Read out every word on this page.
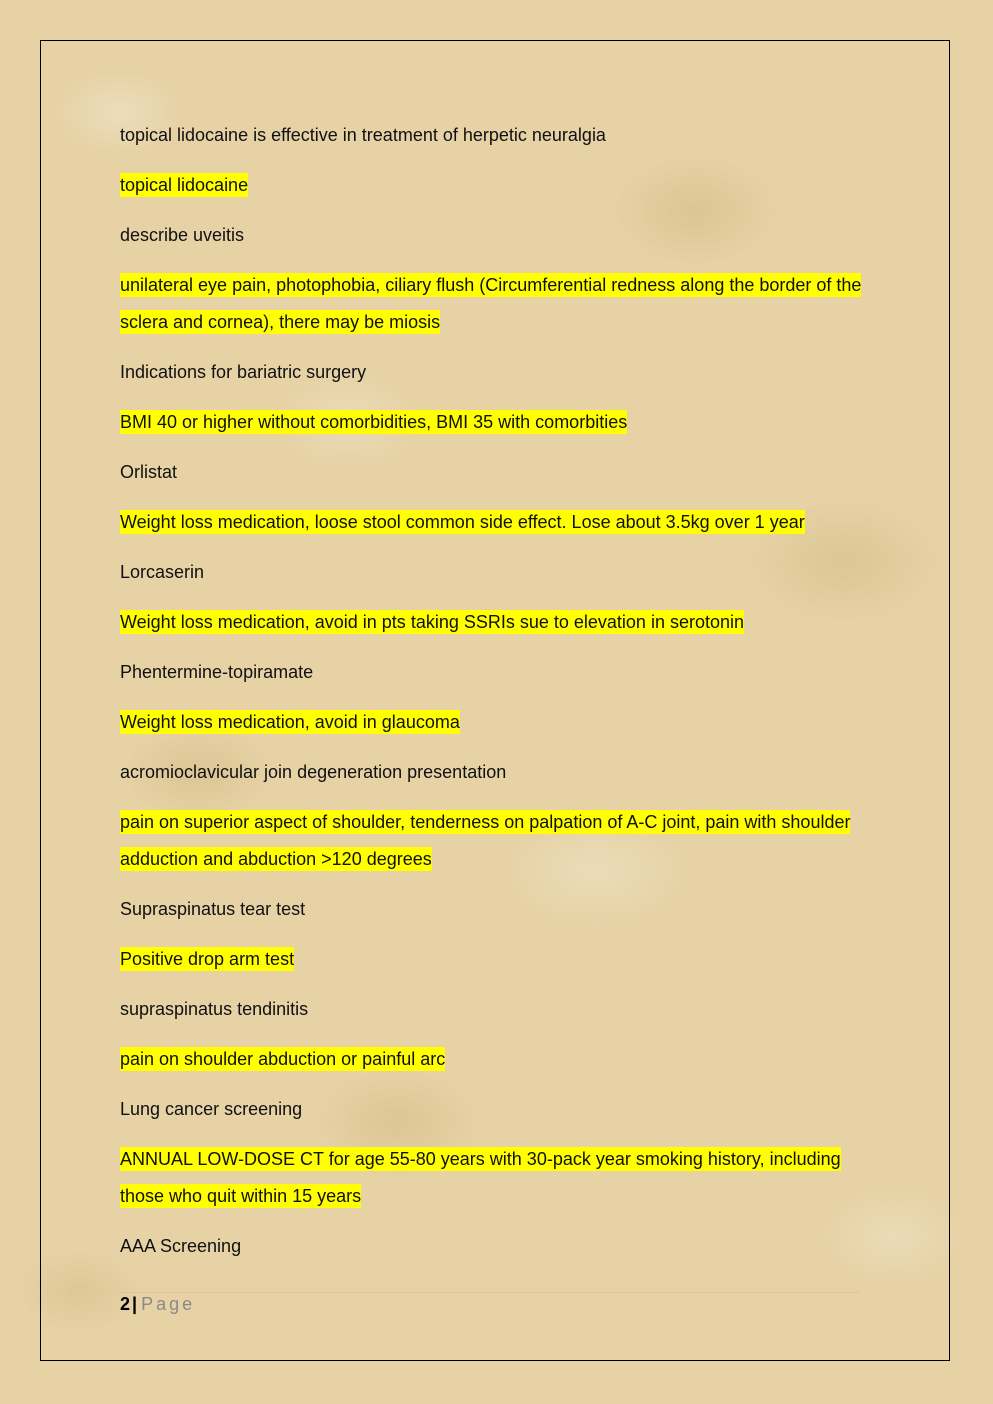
topical lidocaine is effective in treatment of herpetic neuralgia

topical lidocaine

describe uveitis

unilateral eye pain, photophobia, ciliary flush (Circumferential redness along the border of the sclera and cornea), there may be miosis

Indications for bariatric surgery

BMI 40 or higher without comorbidities, BMI 35 with comorbities

Orlistat

Weight loss medication, loose stool common side effect. Lose about 3.5kg over 1 year

Lorcaserin

Weight loss medication, avoid in pts taking SSRIs sue to elevation in serotonin

Phentermine-topiramate

Weight loss medication, avoid in glaucoma

acromioclavicular join degeneration presentation

pain on superior aspect of shoulder, tenderness on palpation of A-C joint, pain with shoulder adduction and abduction >120 degrees

Supraspinatus tear test

Positive drop arm test

supraspinatus tendinitis

pain on shoulder abduction or painful arc

Lung cancer screening

ANNUAL LOW-DOSE CT for age 55-80 years with 30-pack year smoking history, including those who quit within 15 years

AAA Screening

2 | Page
